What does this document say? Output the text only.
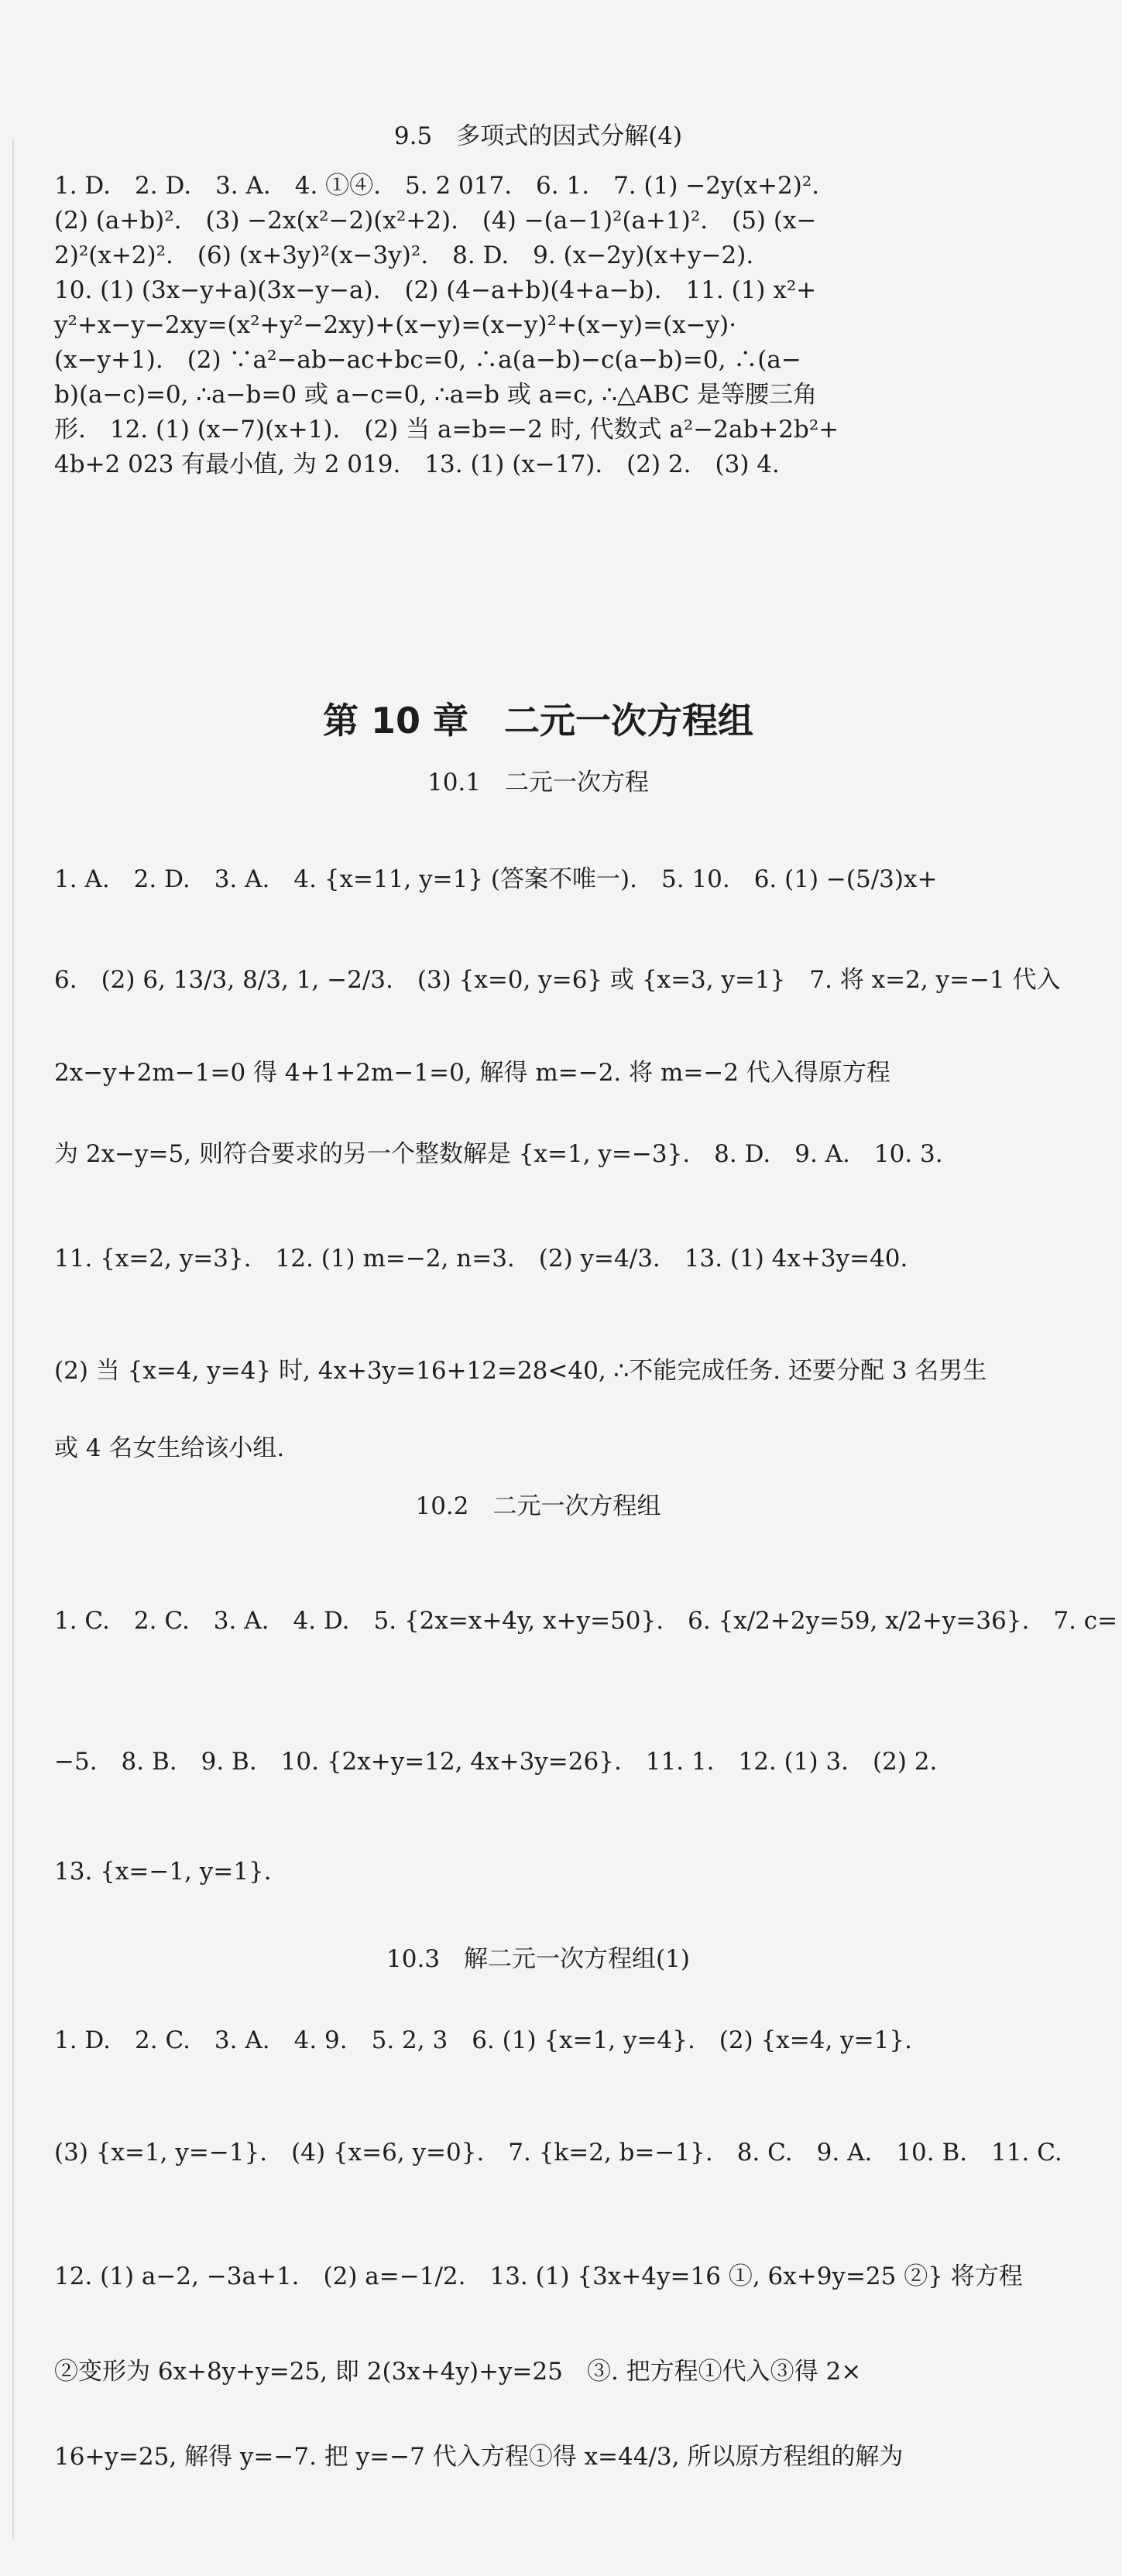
9.5　多项式的因式分解(4)
1. D.　2. D.　3. A.　4. ①④.　5. 2 017.　6. 1.　7. (1) −2y(x+2)².
(2) (a+b)².　(3) −2x(x²−2)(x²+2).　(4) −(a−1)²(a+1)².　(5) (x−
2)²(x+2)².　(6) (x+3y)²(x−3y)².　8. D.　9. (x−2y)(x+y−2).
10. (1) (3x−y+a)(3x−y−a).　(2) (4−a+b)(4+a−b).　11. (1) x²+
y²+x−y−2xy=(x²+y²−2xy)+(x−y)=(x−y)²+(x−y)=(x−y)·
(x−y+1).　(2) ∵a²−ab−ac+bc=0, ∴a(a−b)−c(a−b)=0, ∴(a−
b)(a−c)=0, ∴a−b=0 或 a−c=0, ∴a=b 或 a=c, ∴△ABC 是等腰三角
形.　12. (1) (x−7)(x+1).　(2) 当 a=b=−2 时, 代数式 a²−2ab+2b²+
4b+2 023 有最小值, 为 2 019.　13. (1) (x−17).　(2) 2.　(3) 4.
第 10 章　二元一次方程组
10.1　二元一次方程
1. A.　2. D.　3. A.　4. {x=11, y=1} (答案不唯一).　5. 10.　6. (1) −(5/3)x+
6.　(2) 6, 13/3, 8/3, 1, −2/3.　(3) {x=0, y=6} 或 {x=3, y=1}　7. 将 x=2, y=−1 代入
2x−y+2m−1=0 得 4+1+2m−1=0, 解得 m=−2. 将 m=−2 代入得原方程
为 2x−y=5, 则符合要求的另一个整数解是 {x=1, y=−3}.　8. D.　9. A.　10. 3.
11. {x=2, y=3}.　12. (1) m=−2, n=3.　(2) y=4/3.　13. (1) 4x+3y=40.
(2) 当 {x=4, y=4} 时, 4x+3y=16+12=28<40, ∴不能完成任务. 还要分配 3 名男生
或 4 名女生给该小组.
10.2　二元一次方程组
1. C.　2. C.　3. A.　4. D.　5. {2x=x+4y, x+y=50}.　6. {x/2+2y=59, x/2+y=36}.　7. c=
−5.　8. B.　9. B.　10. {2x+y=12, 4x+3y=26}.　11. 1.　12. (1) 3.　(2) 2.
13. {x=−1, y=1}.
10.3　解二元一次方程组(1)
1. D.　2. C.　3. A.　4. 9.　5. 2, 3　6. (1) {x=1, y=4}.　(2) {x=4, y=1}.
(3) {x=1, y=−1}.　(4) {x=6, y=0}.　7. {k=2, b=−1}.　8. C.　9. A.　10. B.　11. C.
12. (1) a−2, −3a+1.　(2) a=−1/2.　13. (1) {3x+4y=16 ①, 6x+9y=25 ②} 将方程
②变形为 6x+8y+y=25, 即 2(3x+4y)+y=25　③. 把方程①代入③得 2×
16+y=25, 解得 y=−7. 把 y=−7 代入方程①得 x=44/3, 所以原方程组的解为
